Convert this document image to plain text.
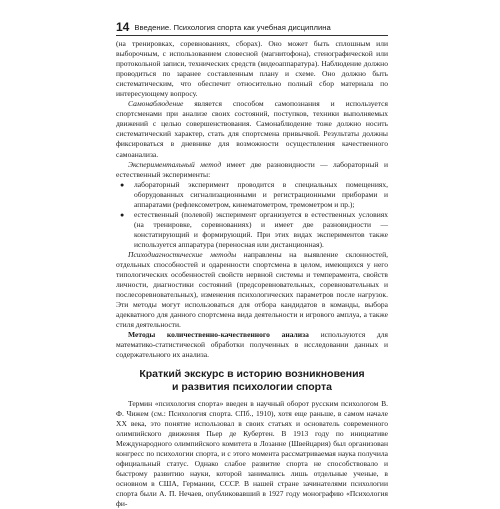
14 Введение. Психология спорта как учебная дисциплина

(на тренировках, соревнованиях, сборах). Оно может быть сплошным или выборочным, с использованием словесной (магнитофона), стенографической или протокольной записи, технических средств (видеоаппаратура). Наблюдение должно проводиться по заранее составленным плану и схеме. Оно должно быть систематическим, что обеспечит относительно полный сбор материала по интересующему вопросу.

Самонаблюдение является способом самопознания и используется спортсменами при анализе своих состояний, поступков, техники выполняемых движений с целью совершенствования. Самонаблюдение тоже должно носить систематический характер, стать для спортсмена привычкой. Результаты должны фиксироваться в дневнике для возможности осуществления качественного самоанализа.

Экспериментальный метод имеет две разновидности — лабораторный и естественный эксперименты:

● лабораторный эксперимент проводится в специальных помещениях, оборудованных сигнализационными и регистрационными приборами и аппаратами (рефлексометром, кинематометром, тремометром и пр.);
● естественный (полевой) эксперимент организуется в естественных условиях (на тренировке, соревнованиях) и имеет две разновидности — констатирующий и формирующий. При этих видах экспериментов также используется аппаратура (переносная или дистанционная).

Психодиагностические методы направлены на выявление склонностей, отдельных способностей и одаренности спортсмена в целом, имеющихся у него типологических особенностей свойств нервной системы и темперамента, свойств личности, диагностики состояний (предсоревновательных, соревновательных и послесоревновательных), изменения психологических параметров после нагрузок. Эти методы могут использоваться для отбора кандидатов в команды, выбора адекватного для данного спортсмена вида деятельности и игрового амплуа, а также стиля деятельности.

Методы количественно-качественного анализа используются для математико-статистической обработки полученных в исследовании данных и содержательного их анализа.

Краткий экскурс в историю возникновения
и развития психологии спорта

Термин «психология спорта» введен в научный оборот русским психологом В. Ф. Чижем (см.: Психология спорта. СПб., 1910), хотя еще раньше, в самом начале XX века, это понятие использовал в своих статьях и основатель современного олимпийского движения Пьер де Кубертен. В 1913 году по инициативе Международного олимпийского комитета в Лозанне (Швейцария) был организован конгресс по психологии спорта, и с этого момента рассматриваемая наука получила официальный статус. Однако слабое развитие спорта не способствовало и быстрому развитию науки, которой занимались лишь отдельные ученые, в основном в США, Германии, СССР. В нашей стране зачинателями психологии спорта были А. П. Нечаев, опубликовавший в 1927 году монографию «Психология фи-
